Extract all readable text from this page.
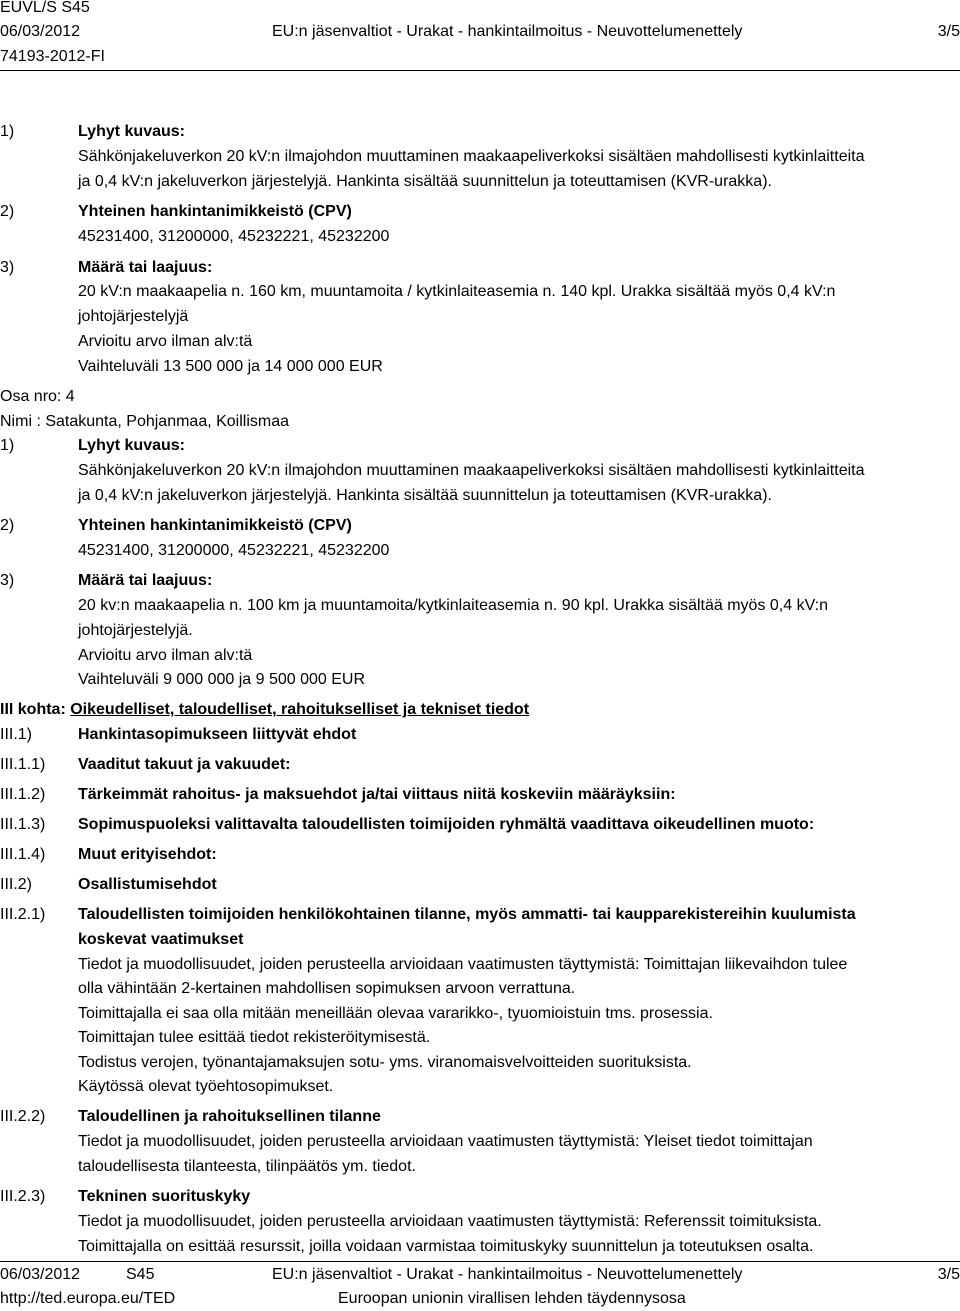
EUVL/S S45
06/03/2012	EU:n jäsenvaltiot - Urakat - hankintailmoitus - Neuvottelumenettely	3/5
74193-2012-FI
1)	Lyhyt kuvaus:
Sähkönjakeluverkon 20 kV:n ilmajohdon muuttaminen maakaapeliverkoksi sisältäen mahdollisesti kytkinlaitteita
ja 0,4 kV:n jakeluverkon järjestelyjä. Hankinta sisältää suunnittelun ja toteuttamisen (KVR-urakka).
2)	Yhteinen hankintanimikkeistö (CPV)
45231400, 31200000, 45232221, 45232200
3)	Määrä tai laajuus:
20 kV:n maakaapelia n. 160 km, muuntamoita / kytkinlaiteasemia n. 140 kpl. Urakka sisältää myös 0,4 kV:n
johtojärjestelyjä
Arvioitu arvo ilman alv:tä
Vaihteluväli 13 500 000 ja 14 000 000 EUR
Osa nro: 4
Nimi : Satakunta, Pohjanmaa, Koillismaa
1)	Lyhyt kuvaus:
Sähkönjakeluverkon 20 kV:n ilmajohdon muuttaminen maakaapeliverkoksi sisältäen mahdollisesti kytkinlaitteita
ja 0,4 kV:n jakeluverkon järjestelyjä. Hankinta sisältää suunnittelun ja toteuttamisen (KVR-urakka).
2)	Yhteinen hankintanimikkeistö (CPV)
45231400, 31200000, 45232221, 45232200
3)	Määrä tai laajuus:
20 kv:n maakaapelia n. 100 km ja muuntamoita/kytkinlaiteasemia n. 90 kpl. Urakka sisältää myös 0,4 kV:n
johtojärjestelyjä.
Arvioitu arvo ilman alv:tä
Vaihteluväli 9 000 000 ja 9 500 000 EUR
III kohta: Oikeudelliset, taloudelliset, rahoitukselliset ja tekniset tiedot
III.1)	Hankintasopimukseen liittyvät ehdot
III.1.1) Vaaditut takuut ja vakuudet:
III.1.2) Tärkeimmät rahoitus- ja maksuehdot ja/tai viittaus niitä koskeviin määräyksiin:
III.1.3) Sopimuspuoleksi valittavalta taloudellisten toimijoiden ryhmältä vaadittava oikeudellinen muoto:
III.1.4) Muut erityisehdot:
III.2)	Osallistumisehdot
III.2.1) Taloudellisten toimijoiden henkilökohtainen tilanne, myös ammatti- tai kaupparekistereihin kuulumista
koskevat vaatimukset
Tiedot ja muodollisuudet, joiden perusteella arvioidaan vaatimusten täyttymistä: Toimittajan liikevaihdon tulee
olla vähintään 2-kertainen mahdollisen sopimuksen arvoon verrattuna.
Toimittajalla ei saa olla mitään meneillään olevaa vararikko-, tyuomioistuin tms. prosessia.
Toimittajan tulee esittää tiedot rekisteröitymisestä.
Todistus verojen, työnantajamaksujen sotu- yms. viranomaisvelvoitteiden suorituksista.
Käytössä olevat työehtosopimukset.
III.2.2) Taloudellinen ja rahoituksellinen tilanne
Tiedot ja muodollisuudet, joiden perusteella arvioidaan vaatimusten täyttymistä: Yleiset tiedot toimittajan
taloudellisesta tilanteesta, tilinpäätös ym. tiedot.
III.2.3) Tekninen suorituskyky
Tiedot ja muodollisuudet, joiden perusteella arvioidaan vaatimusten täyttymistä: Referenssit toimituksista.
Toimittajalla on esittää resurssit, joilla voidaan varmistaa toimituskyky suunnittelun ja toteutuksen osalta.
06/03/2012	S45	EU:n jäsenvaltiot - Urakat - hankintailmoitus - Neuvottelumenettely	3/5
http://ted.europa.eu/TED	Euroopan unionin virallisen lehden täydennysosa
